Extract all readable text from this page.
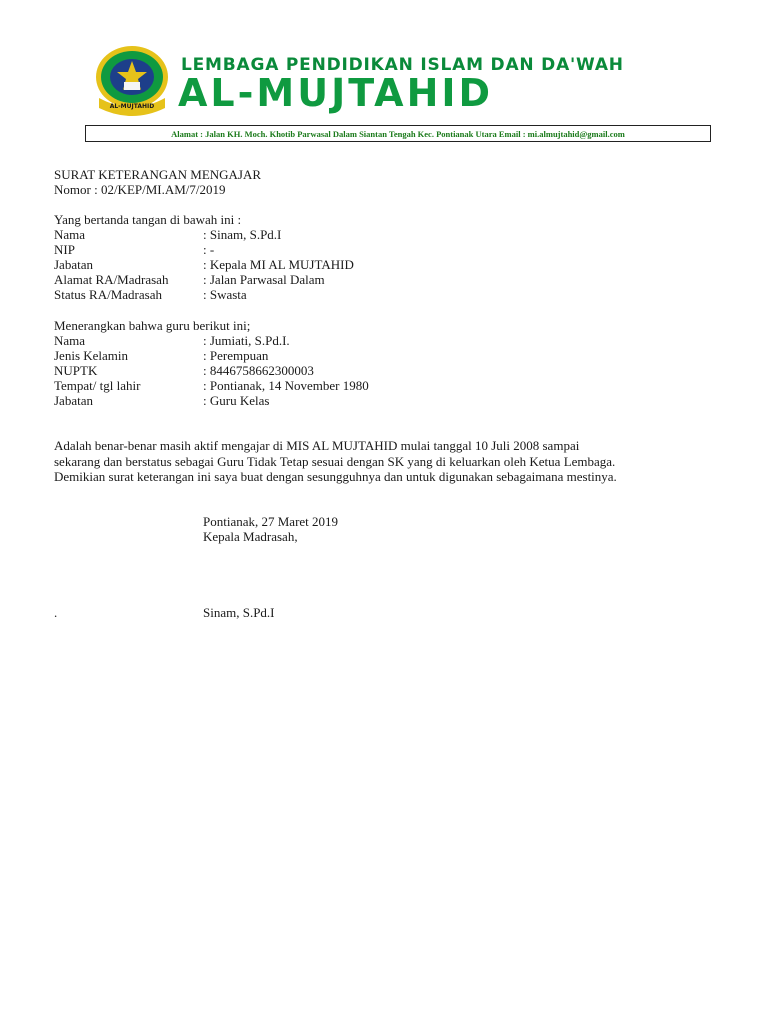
AL-MUJTAHID
LEMBAGA PENDIDIKAN ISLAM DAN DA'WAH
AL-MUJTAHID
Alamat : Jalan KH. Moch. Khotib Parwasal Dalam Siantan Tengah Kec. Pontianak Utara Email : mi.almujtahid@gmail.com
SURAT KETERANGAN MENGAJAR
Nomor : 02/KEP/MI.AM/7/2019
Yang bertanda tangan di bawah ini :
Nama	: Sinam, S.Pd.I
NIP	: -
Jabatan	: Kepala MI AL MUJTAHID
Alamat RA/Madrasah	: Jalan Parwasal Dalam
Status RA/Madrasah	: Swasta
Menerangkan bahwa guru berikut ini;
Nama	: Jumiati, S.Pd.I.
Jenis Kelamin	: Perempuan
NUPTK	: 8446758662300003
Tempat/ tgl lahir	: Pontianak, 14 November 1980
Jabatan	: Guru Kelas
Adalah benar-benar masih aktif mengajar di MIS AL MUJTAHID mulai tanggal 10 Juli 2008 sampai
sekarang dan berstatus sebagai Guru Tidak Tetap sesuai dengan SK yang di keluarkan oleh Ketua Lembaga.
Demikian surat keterangan ini saya buat dengan sesungguhnya dan untuk digunakan sebagaimana mestinya.
Pontianak, 27 Maret 2019
Kepala Madrasah,
.	Sinam, S.Pd.I
